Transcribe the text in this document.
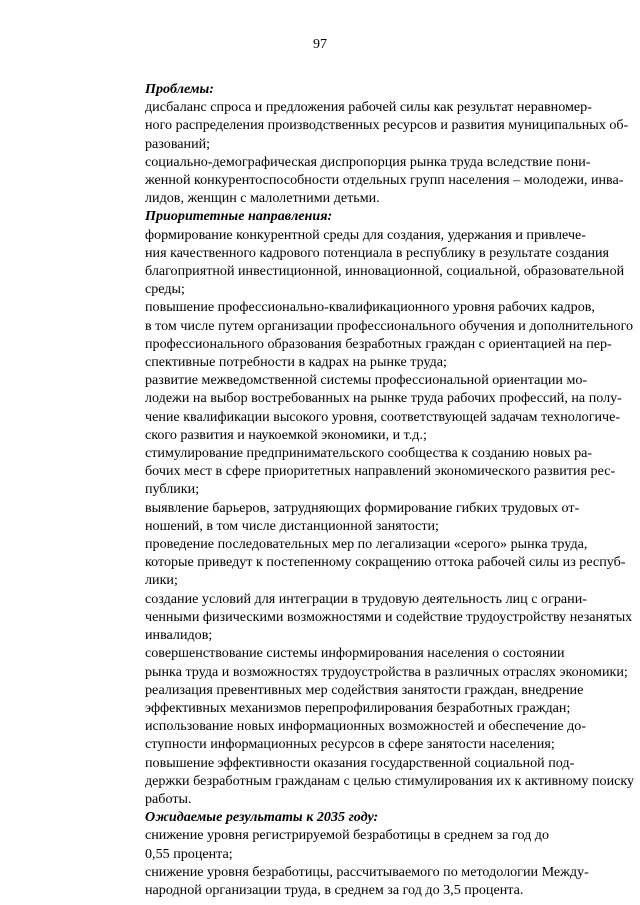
97

Проблемы:

дисбаланс спроса и предложения рабочей силы как результат неравномер-
ного распределения производственных ресурсов и развития муниципальных об-
разований;

социально-демографическая диспропорция рынка труда вследствие пони-
женной конкурентоспособности отдельных групп населения – молодежи, инва-
лидов, женщин с малолетними детьми.

Приоритетные направления:

формирование конкурентной среды для создания, удержания и привлече-
ния качественного кадрового потенциала в республику в результате создания
благоприятной инвестиционной, инновационной, социальной, образовательной
среды;

повышение профессионально-квалификационного уровня рабочих кадров,
в том числе путем организации профессионального обучения и дополнительного
профессионального образования безработных граждан с ориентацией на пер-
спективные потребности в кадрах на рынке труда;

развитие межведомственной системы профессиональной ориентации мо-
лодежи на выбор востребованных на рынке труда рабочих профессий, на полу-
чение квалификации высокого уровня, соответствующей задачам технологиче-
ского развития и наукоемкой экономики, и т.д.;

стимулирование предпринимательского сообщества к созданию новых ра-
бочих мест в сфере приоритетных направлений экономического развития рес-
публики;

выявление барьеров, затрудняющих формирование гибких трудовых от-
ношений, в том числе дистанционной занятости;

проведение последовательных мер по легализации «серого» рынка труда,
которые приведут к постепенному сокращению оттока рабочей силы из респуб-
лики;

создание условий для интеграции в трудовую деятельность лиц с ограни-
ченными физическими возможностями и содействие трудоустройству незанятых
инвалидов;

совершенствование системы информирования населения о состоянии
рынка труда и возможностях трудоустройства в различных отраслях экономики;

реализация превентивных мер содействия занятости граждан, внедрение
эффективных механизмов перепрофилирования безработных граждан;

использование новых информационных возможностей и обеспечение до-
ступности информационных ресурсов в сфере занятости населения;

повышение эффективности оказания государственной социальной под-
держки безработным гражданам с целью стимулирования их к активному поиску
работы.

Ожидаемые результаты к 2035 году:

снижение уровня регистрируемой безработицы в среднем за год до
0,55 процента;

снижение уровня безработицы, рассчитываемого по методологии Между-
народной организации труда, в среднем за год до 3,5 процента.
